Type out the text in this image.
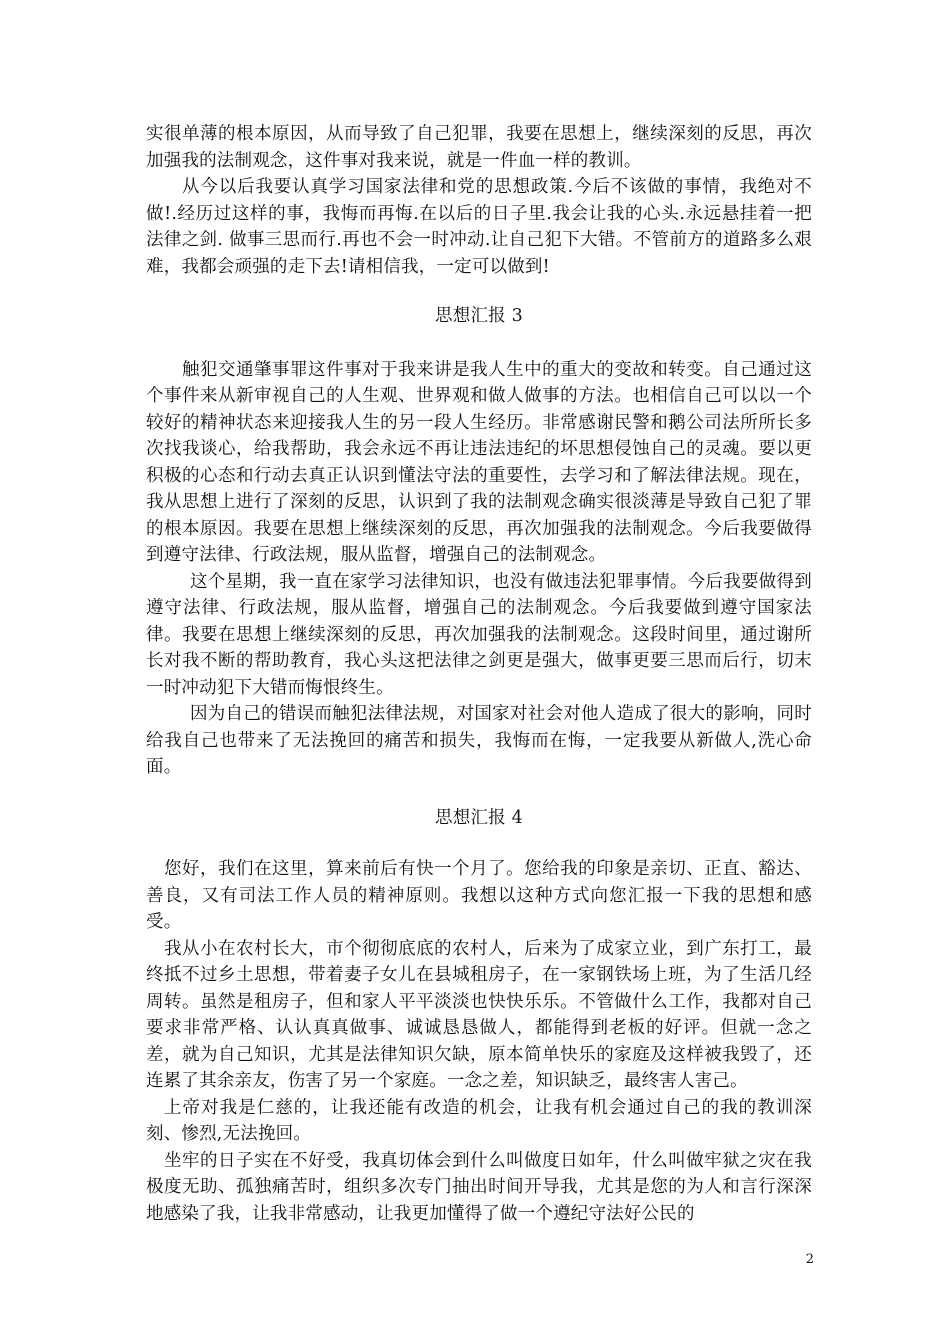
实很单薄的根本原因，从而导致了自己犯罪，我要在思想上，继续深刻的反思，再次加强我的法制观念，这件事对我来说，就是一件血一样的教训。

从今以后我要认真学习国家法律和党的思想政策.今后不该做的事情，我绝对不做!.经历过这样的事，我悔而再悔.在以后的日子里.我会让我的心头.永远悬挂着一把法律之剑. 做事三思而行.再也不会一时冲动.让自己犯下大错。不管前方的道路多么艰难，我都会顽强的走下去!请相信我，一定可以做到!

思想汇报 3

触犯交通肇事罪这件事对于我来讲是我人生中的重大的变故和转变。自己通过这个事件来从新审视自己的人生观、世界观和做人做事的方法。也相信自己可以以一个较好的精神状态来迎接我人生的另一段人生经历。非常感谢民警和鹅公司法所所长多次找我谈心，给我帮助，我会永远不再让违法违纪的坏思想侵蚀自己的灵魂。要以更积极的心态和行动去真正认识到懂法守法的重要性，去学习和了解法律法规。现在，我从思想上进行了深刻的反思，认识到了我的法制观念确实很淡薄是导致自己犯了罪的根本原因。我要在思想上继续深刻的反思，再次加强我的法制观念。今后我要做得到遵守法律、行政法规，服从监督，增强自己的法制观念。

这个星期，我一直在家学习法律知识，也没有做违法犯罪事情。今后我要做得到遵守法律、行政法规，服从监督，增强自己的法制观念。今后我要做到遵守国家法律。我要在思想上继续深刻的反思，再次加强我的法制观念。这段时间里，通过谢所长对我不断的帮助教育，我心头这把法律之剑更是强大，做事更要三思而后行，切末一时冲动犯下大错而悔恨终生。

因为自己的错误而触犯法律法规，对国家对社会对他人造成了很大的影响，同时给我自己也带来了无法挽回的痛苦和损失，我悔而在悔，一定我要从新做人,洗心命面。

思想汇报 4

您好，我们在这里，算来前后有快一个月了。您给我的印象是亲切、正直、豁达、善良，又有司法工作人员的精神原则。我想以这种方式向您汇报一下我的思想和感受。

我从小在农村长大，市个彻彻底底的农村人，后来为了成家立业，到广东打工，最终抵不过乡土思想，带着妻子女儿在县城租房子，在一家钢铁场上班，为了生活几经周转。虽然是租房子，但和家人平平淡淡也快快乐乐。不管做什么工作，我都对自己要求非常严格、认认真真做事、诚诚恳恳做人，都能得到老板的好评。但就一念之差，就为自己知识，尤其是法律知识欠缺，原本简单快乐的家庭及这样被我毁了，还连累了其余亲友，伤害了另一个家庭。一念之差，知识缺乏，最终害人害己。

上帝对我是仁慈的，让我还能有改造的机会，让我有机会通过自己的我的教训深刻、惨烈,无法挽回。

坐牢的日子实在不好受，我真切体会到什么叫做度日如年，什么叫做牢狱之灾在我极度无助、孤独痛苦时，组织多次专门抽出时间开导我，尤其是您的为人和言行深深地感染了我，让我非常感动，让我更加懂得了做一个遵纪守法好公民的

2
